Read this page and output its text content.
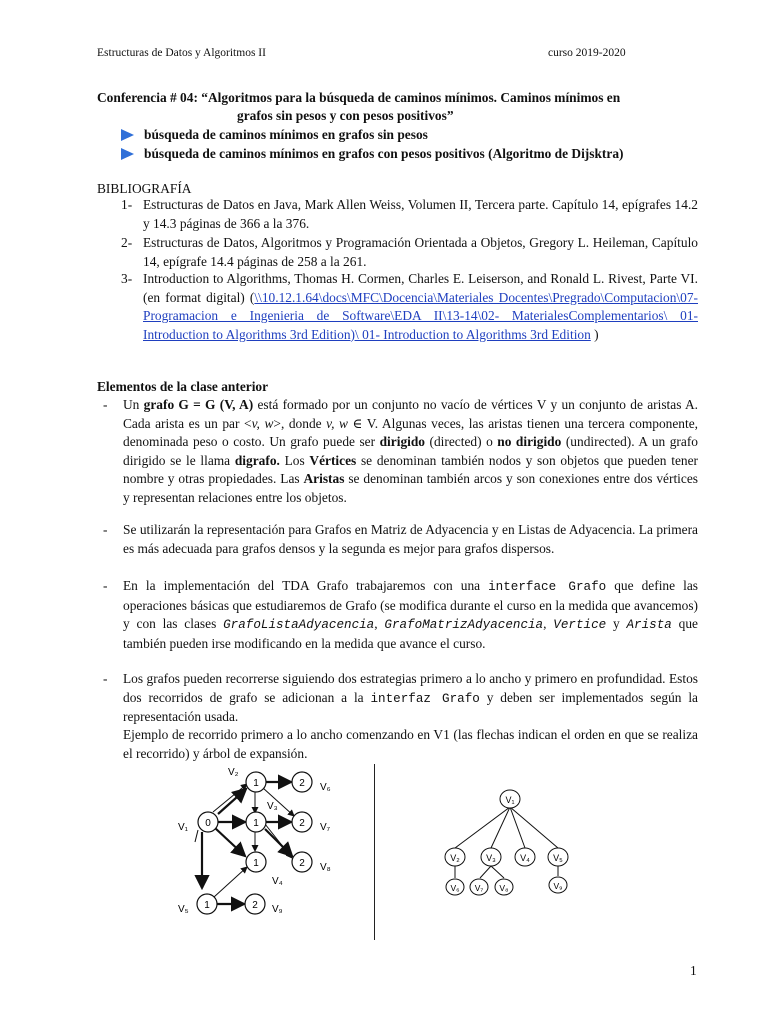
Estructuras de Datos y Algoritmos II	curso 2019-2020
Conferencia # 04: “Algoritmos para la búsqueda de caminos mínimos. Caminos mínimos en
grafos sin pesos y con pesos positivos”
búsqueda de caminos mínimos en grafos sin pesos
búsqueda de caminos mínimos en grafos con pesos positivos (Algoritmo de Dijsktra)
BIBLIOGRAFÍA
1- Estructuras de Datos en Java, Mark Allen Weiss, Volumen II, Tercera parte. Capítulo 14, epígrafes 14.2 y 14.3 páginas de 366 a la 376.
2- Estructuras de Datos, Algoritmos y Programación Orientada a Objetos, Gregory L. Heileman, Capítulo 14, epígrafe 14.4 páginas de 258 a la 261.
3- Introduction to Algorithms, Thomas H. Cormen, Charles E. Leiserson, and Ronald L. Rivest, Parte VI. (en format digital) (\\10.12.1.64\docs\MFC\Docencia\Materiales Docentes\Pregrado\Computacion\07-Programacion e Ingenieria de Software\EDA II\13-14\02- MaterialesComplementarios\ 01- Introduction to Algorithms 3rd Edition)\ 01- Introduction to Algorithms 3rd Edition )
Elementos de la clase anterior
- Un grafo G = G (V, A) está formado por un conjunto no vacío de vértices V y un conjunto de aristas A. Cada arista es un par <v, w>, donde v, w ∈ V. Algunas veces, las aristas tienen una tercera componente, denominada peso o costo. Un grafo puede ser dirigido (directed) o no dirigido (undirected). A un grafo dirigido se le llama digrafo. Los Vértices se denominan también nodos y son objetos que pueden tener nombre y otras propiedades. Las Aristas se denominan también arcos y son conexiones entre dos vértices y representan relaciones entre los objetos.
- Se utilizarán la representación para Grafos en Matriz de Adyacencia y en Listas de Adyacencia. La primera es más adecuada para grafos densos y la segunda es mejor para grafos dispersos.
- En la implementación del TDA Grafo trabajaremos con una interface Grafo que define las operaciones básicas que estudiaremos de Grafo (se modifica durante el curso en la medida que avancemos) y con las clases GrafoListaAdyacencia, GrafoMatrizAdyacencia, Vertice y Arista que también pueden irse modificando en la medida que avance el curso.
- Los grafos pueden recorrerse siguiendo dos estrategias primero a lo ancho y primero en profundidad. Estos dos recorridos de grafo se adicionan a la interfaz Grafo y deben ser implementados según la representación usada.
Ejemplo de recorrido primero a lo ancho comenzando en V1 (las flechas indican el orden en que se realiza el recorrido) y árbol de expansión.
0
V₁
1
V₂
2 V₆
1
V₃
2 V₇
1
V₄
2 V₈
1
V₅	2 V₉
V₁
V₂	V₃	V₄	V₅
V₆ V₇ V₈	V₉
1
